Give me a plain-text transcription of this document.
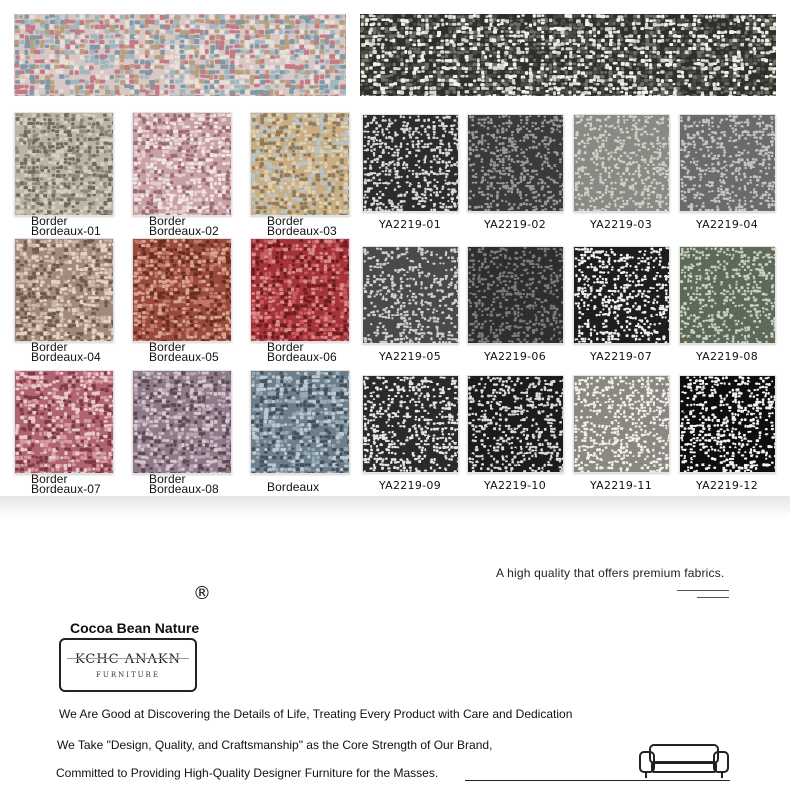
Border
Bordeaux-01
Border
Bordeaux-02
Border
Bordeaux-03
Border
Bordeaux-04
Border
Bordeaux-05
Border
Bordeaux-06
Border
Bordeaux-07
Border
Bordeaux-08	Bordeaux
YA2219-01	YA2219-02	YA2219-03	YA2219-04
YA2219-05	YA2219-06	YA2219-07	YA2219-08
YA2219-09	YA2219-10	YA2219-11	YA2219-12
A high quality that offers premium fabrics.
®
Cocoa Bean Nature
KCHC ΛNΛKN
FURNITURE
We Are Good at Discovering the Details of Life, Treating Every Product with Care and Dedication
We Take "Design, Quality, and Craftsmanship" as the Core Strength of Our Brand,
Committed to Providing High-Quality Designer Furniture for the Masses.
